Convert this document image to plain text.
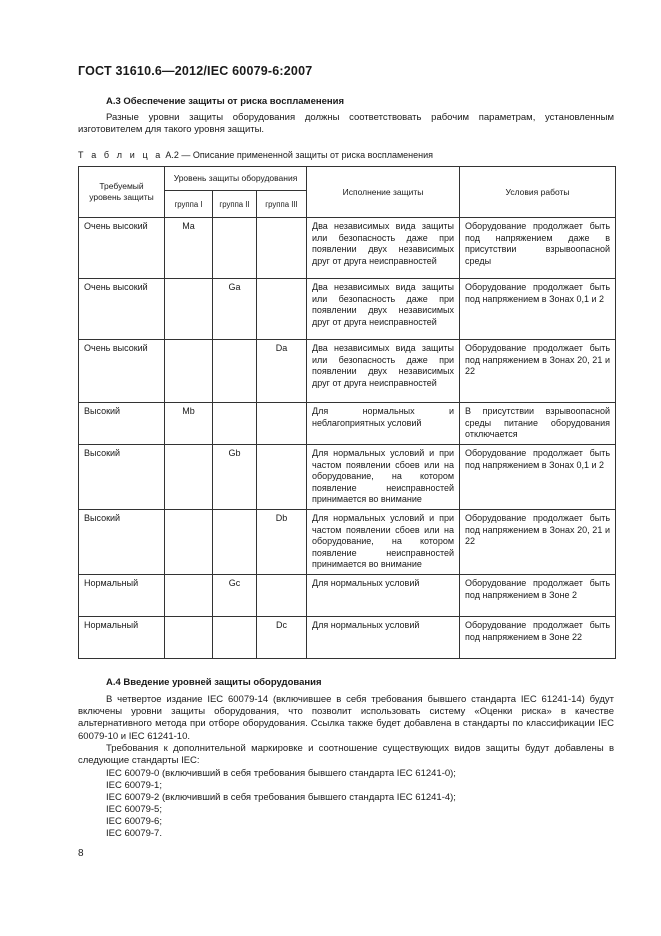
ГОСТ 31610.6—2012/IEC 60079-6:2007
А.3 Обеспечение защиты от риска воспламенения
Разные уровни защиты оборудования должны соответствовать рабочим параметрам, установленным изготовителем для такого уровня защиты.
Т а б л и ц а А.2 — Описание примененной защиты от риска воспламенения
Требуемый уровень защиты	Уровень защиты оборудования			Исполнение защиты	Условия работы
	группа I	группа II	группа III		
Очень высокий	Ma			Два независимых вида защиты или безопасность даже при появлении двух независимых друг от друга неисправностей	Оборудование продолжает быть под напряжением даже в присутствии взрывоопасной среды
Очень высокий		Ga		Два независимых вида защиты или безопасность даже при появлении двух независимых друг от друга неисправностей	Оборудование продолжает быть под напряжением в Зонах 0,1 и 2
Очень высокий			Da	Два независимых вида защиты или безопасность даже при появлении двух независимых друг от друга неисправностей	Оборудование продолжает быть под напряжением в Зонах 20, 21 и 22
Высокий	Mb			Для нормальных и неблагоприятных условий	В присутствии взрывоопасной среды питание оборудования отключается
Высокий		Gb		Для нормальных условий и при частом появлении сбоев или на оборудование, на котором появление неисправностей принимается во внимание	Оборудование продолжает быть под напряжением в Зонах 0,1 и 2
Высокий			Db	Для нормальных условий и при частом появлении сбоев или на оборудование, на котором появление неисправностей принимается во внимание	Оборудование продолжает быть под напряжением в Зонах 20, 21 и 22
Нормальный		Gc		Для нормальных условий	Оборудование продолжает быть под напряжением в Зоне 2
Нормальный			Dc	Для нормальных условий	Оборудование продолжает быть под напряжением в Зоне 22
А.4 Введение уровней защиты оборудования
В четвертое издание IEC 60079-14 (включившее в себя требования бывшего стандарта IEC 61241-14) будут включены уровни защиты оборудования, что позволит использовать систему «Оценки риска» в качестве альтернативного метода при отборе оборудования. Ссылка также будет добавлена в стандарты по классификации IEC 60079-10 и IEC 61241-10.
Требования к дополнительной маркировке и соотношение существующих видов защиты будут добавлены в следующие стандарты IEC:
IEC 60079-0 (включивший в себя требования бывшего стандарта IEC 61241-0);
IEC 60079-1;
IEC 60079-2 (включивший в себя требования бывшего стандарта IEC 61241-4);
IEC 60079-5;
IEC 60079-6;
IEC 60079-7.
8
